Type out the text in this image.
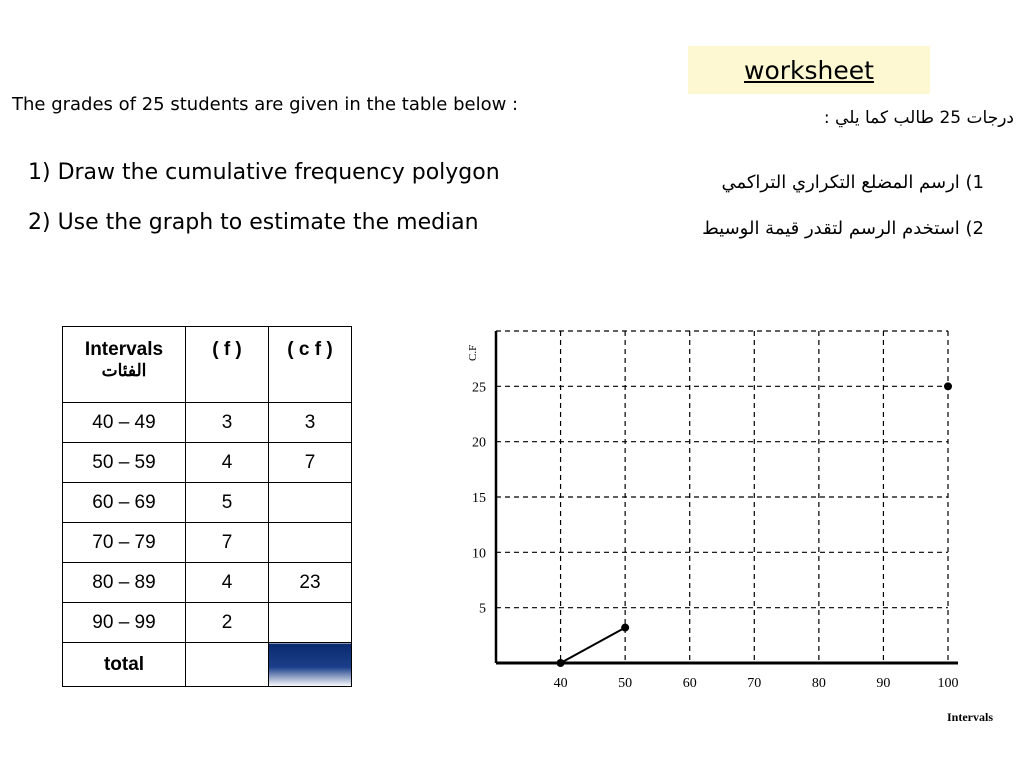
worksheet
The grades of 25 students are given in the table below :
درجات 25 طالب كما يلي :
1) Draw the cumulative frequency polygon
2) Use the graph to estimate the median
1) ارسم المضلع التكراري التراكمي
2) استخدم الرسم لتقدر قيمة الوسيط
Intervals
الفئات	( f )	( c f )
40 – 49	3	3
50 – 59	4	7
60 – 69	5	
70 – 79	7	
80 – 89	4	23
90 – 99	2	
total		
5
10
15
20
25
40	50	60	70	80	90	100
C.F
Intervals
